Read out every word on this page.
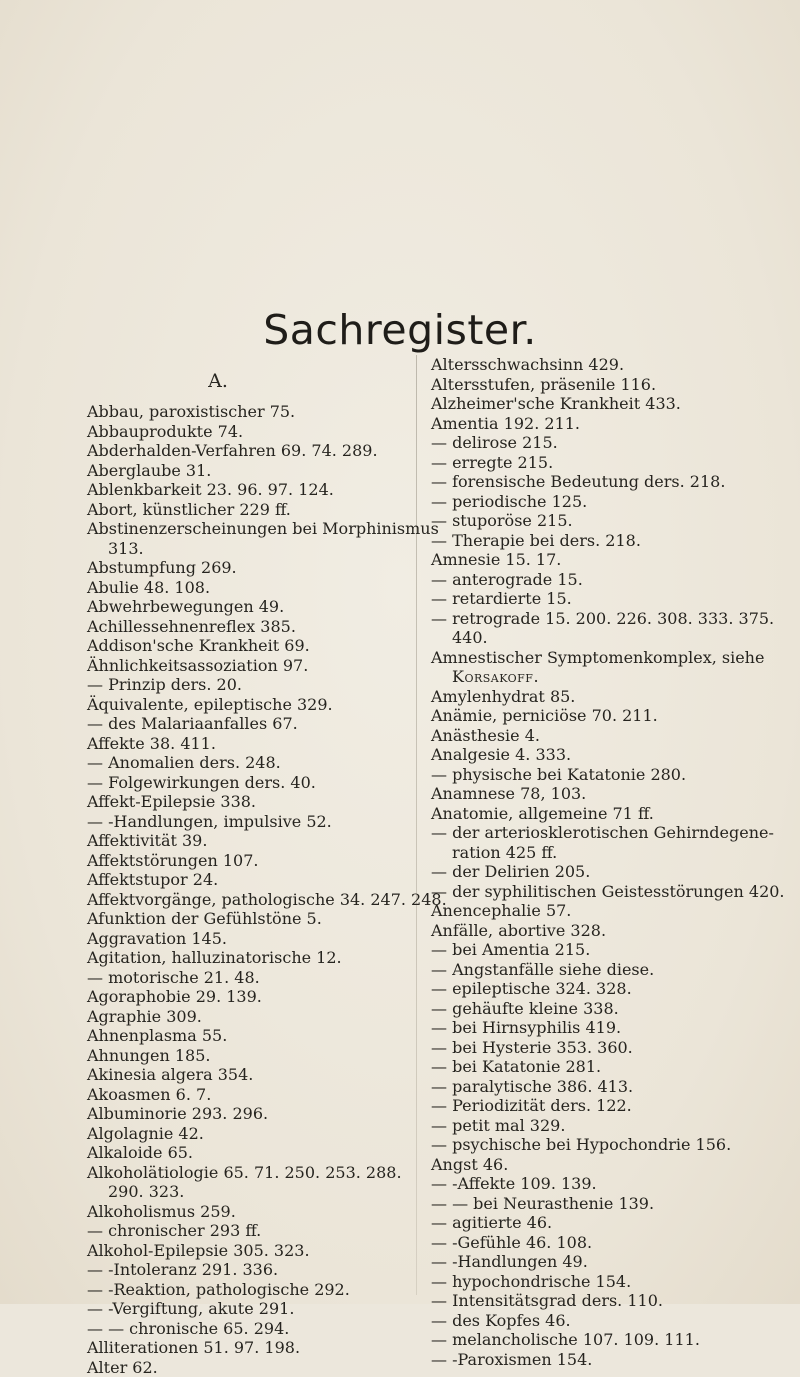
Sachregister.
A.
Abbau, paroxistischer 75.
Abbauprodukte 74.
Abderhalden-Verfahren 69. 74. 289.
Aberglaube 31.
Ablenkbarkeit 23. 96. 97. 124.
Abort, künstlicher 229 ff.
Abstinenzerscheinungen bei Morphinismus
313.
Abstumpfung 269.
Abulie 48. 108.
Abwehrbewegungen 49.
Achillessehnenreflex 385.
Addison'sche Krankheit 69.
Ähnlichkeitsassoziation 97.
— Prinzip ders. 20.
Äquivalente, epileptische 329.
— des Malariaanfalles 67.
Affekte 38. 411.
— Anomalien ders. 248.
— Folgewirkungen ders. 40.
Affekt-Epilepsie 338.
— -Handlungen, impulsive 52.
Affektivität 39.
Affektstörungen 107.
Affektstupor 24.
Affektvorgänge, pathologische 34. 247. 248.
Afunktion der Gefühlstöne 5.
Aggravation 145.
Agitation, halluzinatorische 12.
— motorische 21. 48.
Agoraphobie 29. 139.
Agraphie 309.
Ahnenplasma 55.
Ahnungen 185.
Akinesia algera 354.
Akoasmen 6. 7.
Albuminorie 293. 296.
Algolagnie 42.
Alkaloide 65.
Alkoholätiologie 65. 71. 250. 253. 288.
290. 323.
Alkoholismus 259.
— chronischer 293 ff.
Alkohol-Epilepsie 305. 323.
— -Intoleranz 291. 336.
— -Reaktion, pathologische 292.
— -Vergiftung, akute 291.
— — chronische 65. 294.
Alliterationen 51. 97. 198.
Alter 62.
Altersschwachsinn 429.
Altersstufen, präsenile 116.
Alzheimer'sche Krankheit 433.
Amentia 192. 211.
— delirose 215.
— erregte 215.
— forensische Bedeutung ders. 218.
— periodische 125.
— stuporöse 215.
— Therapie bei ders. 218.
Amnesie 15. 17.
— anterograde 15.
— retardierte 15.
— retrograde 15. 200. 226. 308. 333. 375.
440.
Amnestischer Symptomenkomplex, siehe
Korsakoff.
Amylenhydrat 85.
Anämie, perniciöse 70. 211.
Anästhesie 4.
Analgesie 4. 333.
— physische bei Katatonie 280.
Anamnese 78, 103.
Anatomie, allgemeine 71 ff.
— der arteriosklerotischen Gehirndegene-
ration 425 ff.
— der Delirien 205.
— der syphilitischen Geistesstörungen 420.
Anencephalie 57.
Anfälle, abortive 328.
— bei Amentia 215.
— Angstanfälle siehe diese.
— epileptische 324. 328.
— gehäufte kleine 338.
— bei Hirnsyphilis 419.
— bei Hysterie 353. 360.
— bei Katatonie 281.
— paralytische 386. 413.
— Periodizität ders. 122.
— petit mal 329.
— psychische bei Hypochondrie 156.
Angst 46.
— -Affekte 109. 139.
— — bei Neurasthenie 139.
— agitierte 46.
— -Gefühle 46. 108.
— -Handlungen 49.
— hypochondrische 154.
— Intensitätsgrad ders. 110.
— des Kopfes 46.
— melancholische 107. 109. 111.
— -Paroxismen 154.
